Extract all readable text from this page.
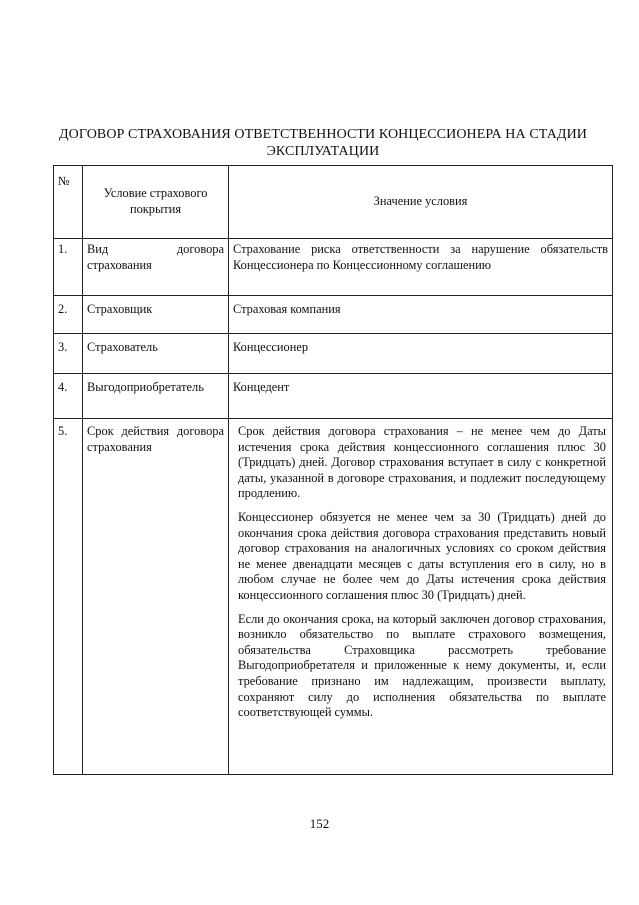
ДОГОВОР СТРАХОВАНИЯ ОТВЕТСТВЕННОСТИ КОНЦЕССИОНЕРА НА СТАДИИ ЭКСПЛУАТАЦИИ
№	Условие страхового покрытия	Значение условия
1.	Вид договора страхования	Страхование риска ответственности за нарушение обязательств Концессионера по Концессионному соглашению
2.	Страховщик	Страховая компания
3.	Страхователь	Концессионер
4.	Выгодоприобретатель	Концедент
5.	Срок действия договора страхования	Срок действия договора страхования – не менее чем до Даты истечения срока действия концессионного соглашения плюс 30 (Тридцать) дней. Договор страхования вступает в силу с конкретной даты, указанной в договоре страхования, и подлежит последующему продлению.

Концессионер обязуется не менее чем за 30 (Тридцать) дней до окончания срока действия договора страхования представить новый договор страхования на аналогичных условиях со сроком действия не менее двенадцати месяцев с даты вступления его в силу, но в любом случае не более чем до Даты истечения срока действия концессионного соглашения плюс 30 (Тридцать) дней.

Если до окончания срока, на который заключен договор страхования, возникло обязательство по выплате страхового возмещения, обязательства Страховщика рассмотреть требование Выгодоприобретателя и приложенные к нему документы, и, если требование признано им надлежащим, произвести выплату, сохраняют силу до исполнения обязательства по выплате соответствующей суммы.

152
